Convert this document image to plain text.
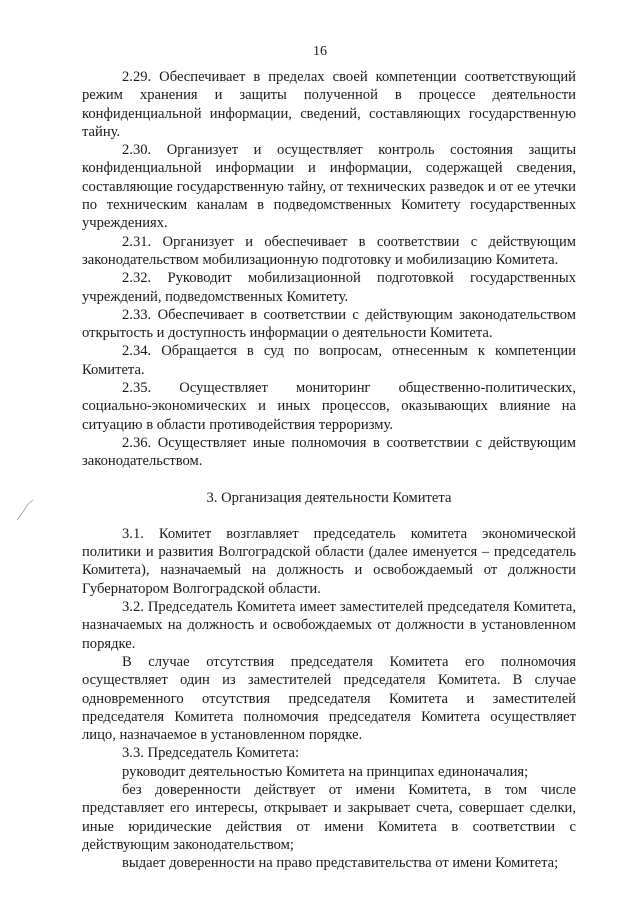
16

2.29. Обеспечивает в пределах своей компетенции соответствующий режим хранения и защиты полученной в процессе деятельности конфиденциальной информации, сведений, составляющих государственную тайну.

2.30. Организует и осуществляет контроль состояния защиты конфиденциальной информации и информации, содержащей сведения, составляющие государственную тайну, от технических разведок и от ее утечки по техническим каналам в подведомственных Комитету государственных учреждениях.

2.31. Организует и обеспечивает в соответствии с действующим законодательством мобилизационную подготовку и мобилизацию Комитета.

2.32. Руководит мобилизационной подготовкой государственных учреждений, подведомственных Комитету.

2.33. Обеспечивает в соответствии с действующим законодательством открытость и доступность информации о деятельности Комитета.

2.34. Обращается в суд по вопросам, отнесенным к компетенции Комитета.

2.35. Осуществляет мониторинг общественно-политических, социально-экономических и иных процессов, оказывающих влияние на ситуацию в области противодействия терроризму.

2.36. Осуществляет иные полномочия в соответствии с действующим законодательством.

3. Организация деятельности Комитета

3.1. Комитет возглавляет председатель комитета экономической политики и развития Волгоградской области (далее именуется – председатель Комитета), назначаемый на должность и освобождаемый от должности Губернатором Волгоградской области.

3.2. Председатель Комитета имеет заместителей председателя Комитета, назначаемых на должность и освобождаемых от должности в установленном порядке.

В случае отсутствия председателя Комитета его полномочия осуществляет один из заместителей председателя Комитета. В случае одновременного отсутствия председателя Комитета и заместителей председателя Комитета полномочия председателя Комитета осуществляет лицо, назначаемое в установленном порядке.

3.3. Председатель Комитета:

руководит деятельностью Комитета на принципах единоначалия;

без доверенности действует от имени Комитета, в том числе представляет его интересы, открывает и закрывает счета, совершает сделки, иные юридические действия от имени Комитета в соответствии с действующим законодательством;

выдает доверенности на право представительства от имени Комитета;
